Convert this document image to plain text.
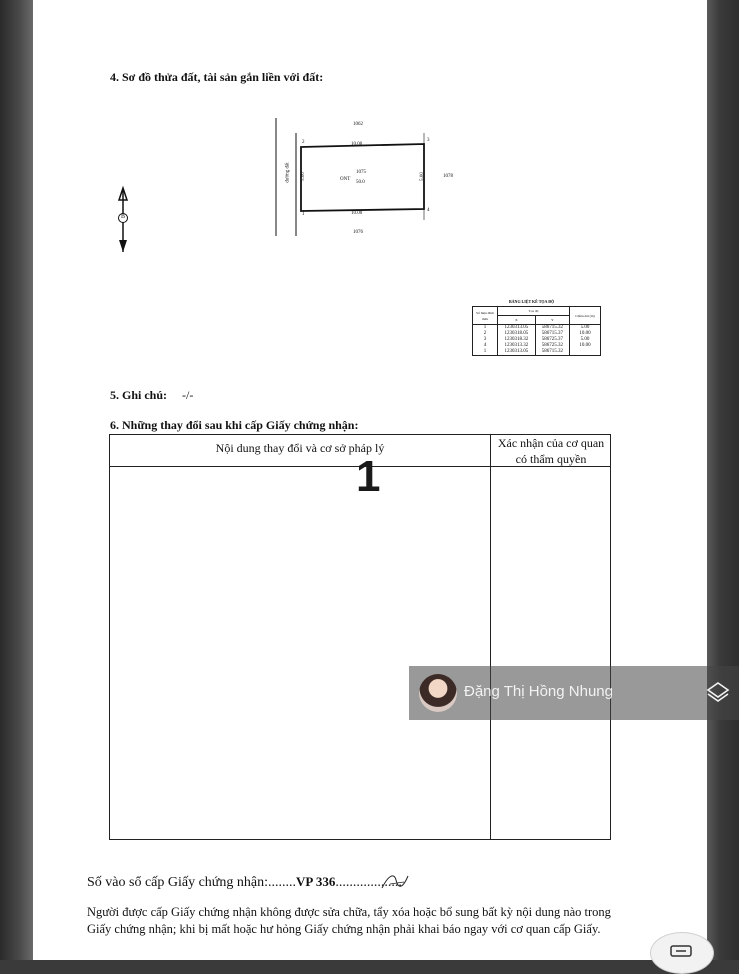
4. Sơ đồ thửa đất, tài sản gắn liền với đất:
1062
1076
1078
ONT
1075
50.0
đường đất
10.00
10.00
5.00	5.00
1
2	3
4
B
BẢNG LIỆT KÊ TỌA ĐỘ
Số hiệu đỉnh thửa	Tọa độ		Chiều dài (m)
	X	Y	
1	1230313.05	586715.32	5.00
2	1230318.05	586715.37	10.00
3	1230318.32	586725.37	5.00
4	1230313.32	586725.32	10.00
1	1230313.05	586715.32	
5. Ghi chú: -/-
6. Những thay đổi sau khi cấp Giấy chứng nhận:
Nội dung thay đổi và cơ sở pháp lý	Xác nhận của cơ quan
có thẩm quyền
1
Số vào sổ cấp Giấy chứng nhận:........VP 336...................
Người được cấp Giấy chứng nhận không được sửa chữa, tẩy xóa hoặc bổ sung bất kỳ nội dung nào trong
Giấy chứng nhận; khi bị mất hoặc hư hỏng Giấy chứng nhận phải khai báo ngay với cơ quan cấp Giấy.
Đặng Thị Hồng Nhung
